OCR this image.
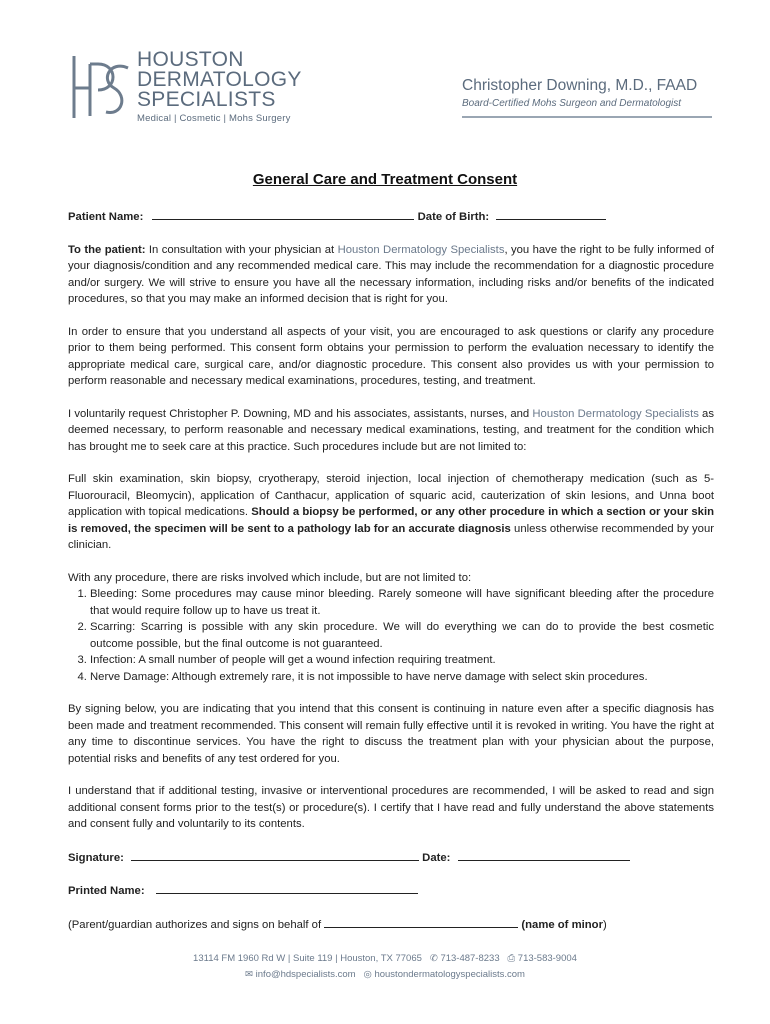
HOUSTON
DERMATOLOGY
SPECIALISTS
Medical | Cosmetic | Mohs Surgery
Christopher Downing, M.D., FAAD
Board-Certified Mohs Surgeon and Dermatologist
General Care and Treatment Consent
Patient Name:	Date of Birth:

To the patient: In consultation with your physician at Houston Dermatology Specialists, you have the right to be fully informed of your diagnosis/condition and any recommended medical care. This may include the recommendation for a diagnostic procedure and/or surgery. We will strive to ensure you have all the necessary information, including risks and/or benefits of the indicated procedures, so that you may make an informed decision that is right for you.

In order to ensure that you understand all aspects of your visit, you are encouraged to ask questions or clarify any procedure prior to them being performed. This consent form obtains your permission to perform the evaluation necessary to identify the appropriate medical care, surgical care, and/or diagnostic procedure. This consent also provides us with your permission to perform reasonable and necessary medical examinations, procedures, testing, and treatment.

I voluntarily request Christopher P. Downing, MD and his associates, assistants, nurses, and Houston Dermatology Specialists as deemed necessary, to perform reasonable and necessary medical examinations, testing, and treatment for the condition which has brought me to seek care at this practice. Such procedures include but are not limited to:

Full skin examination, skin biopsy, cryotherapy, steroid injection, local injection of chemotherapy medication (such as 5-Fluorouracil, Bleomycin), application of Canthacur, application of squaric acid, cauterization of skin lesions, and Unna boot application with topical medications. Should a biopsy be performed, or any other procedure in which a section or your skin is removed, the specimen will be sent to a pathology lab for an accurate diagnosis unless otherwise recommended by your clinician.

With any procedure, there are risks involved which include, but are not limited to:
1. Bleeding: Some procedures may cause minor bleeding. Rarely someone will have significant bleeding after the procedure that would require follow up to have us treat it.
2. Scarring: Scarring is possible with any skin procedure. We will do everything we can do to provide the best cosmetic outcome possible, but the final outcome is not guaranteed.
3. Infection: A small number of people will get a wound infection requiring treatment.
4. Nerve Damage: Although extremely rare, it is not impossible to have nerve damage with select skin procedures.

By signing below, you are indicating that you intend that this consent is continuing in nature even after a specific diagnosis has been made and treatment recommended. This consent will remain fully effective until it is revoked in writing. You have the right at any time to discontinue services. You have the right to discuss the treatment plan with your physician about the purpose, potential risks and benefits of any test ordered for you.

I understand that if additional testing, invasive or interventional procedures are recommended, I will be asked to read and sign additional consent forms prior to the test(s) or procedure(s). I certify that I have read and fully understand the above statements and consent fully and voluntarily to its contents.

Signature:	Date:
Printed Name:
(Parent/guardian authorizes and signs on behalf of	(name of minor)
13114 FM 1960 Rd W | Suite 119 | Houston, TX 77065   ✆ 713-487-8233   ⎙ 713-583-9004
✉ info@hdspecialists.com   ◎ houstondermatologyspecialists.com
